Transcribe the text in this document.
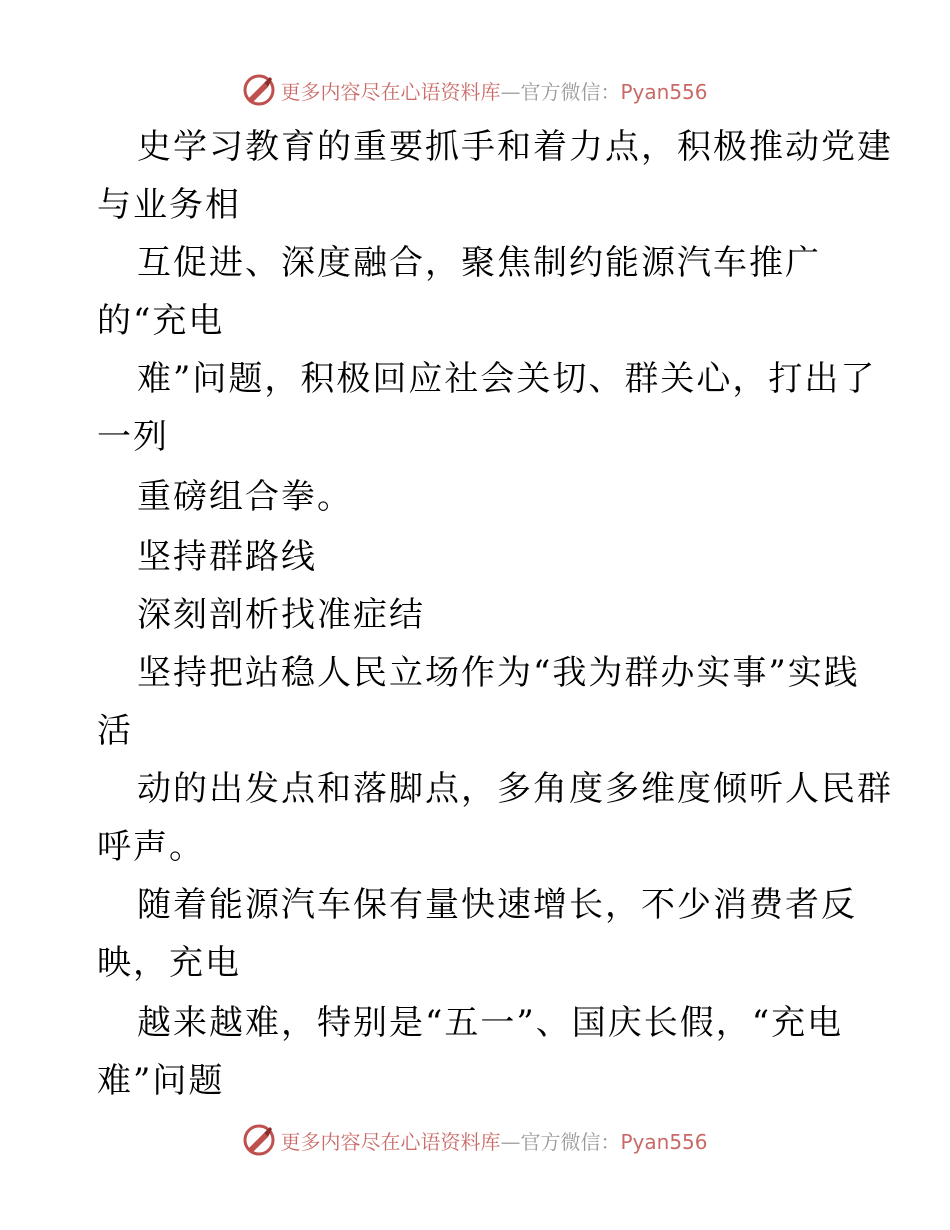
更多内容尽在心语资料库—官方微信：Pyan556
史学习教育的重要抓手和着力点，积极推动党建
与业务相
互促进、深度融合，聚焦制约能源汽车推广
的“充电
难”问题，积极回应社会关切、群关心，打出了
一列
重磅组合拳。
坚持群路线
深刻剖析找准症结
坚持把站稳人民立场作为“我为群办实事”实践
活
动的出发点和落脚点，多角度多维度倾听人民群
呼声。
随着能源汽车保有量快速增长，不少消费者反
映，充电
越来越难，特别是“五一”、国庆长假，“充电
难”问题
更多内容尽在心语资料库—官方微信：Pyan556
